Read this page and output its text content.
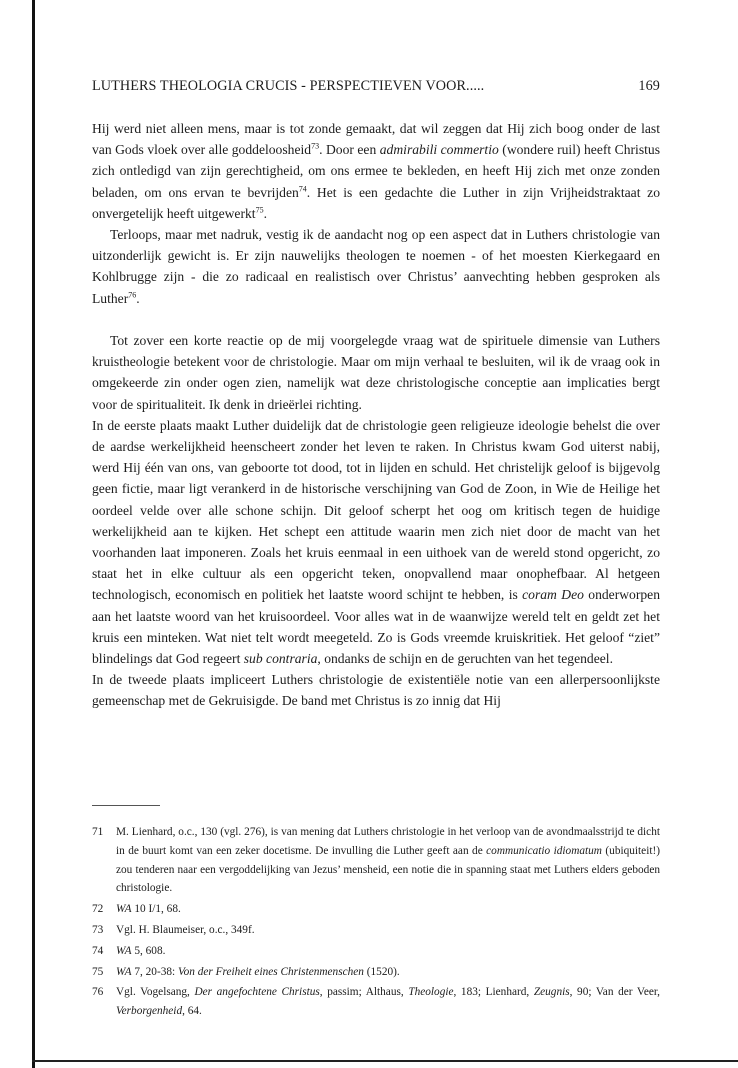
LUTHERS THEOLOGIA CRUCIS - PERSPECTIEVEN VOOR.....	169

Hij werd niet alleen mens, maar is tot zonde gemaakt, dat wil zeggen dat Hij zich boog onder de last van Gods vloek over alle goddeloosheid$^{73}$. Door een admirabili commertio (wondere ruil) heeft Christus zich ontledigd van zijn gerechtigheid, om ons ermee te bekleden, en heeft Hij zich met onze zonden beladen, om ons ervan te bevrijden$^{74}$. Het is een gedachte die Luther in zijn Vrijheidstraktaat zo onvergetelijk heeft uitgewerkt$^{75}$.

Terloops, maar met nadruk, vestig ik de aandacht nog op een aspect dat in Luthers christologie van uitzonderlijk gewicht is. Er zijn nauwelijks theologen te noemen - of het moesten Kierkegaard en Kohlbrugge zijn - die zo radicaal en realistisch over Christus’ aanvechting hebben gesproken als Luther$^{76}$.

Tot zover een korte reactie op de mij voorgelegde vraag wat de spirituele dimensie van Luthers kruistheologie betekent voor de christologie. Maar om mijn verhaal te besluiten, wil ik de vraag ook in omgekeerde zin onder ogen zien, namelijk wat deze christologische conceptie aan implicaties bergt voor de spiritualiteit. Ik denk in drieërlei richting.

In de eerste plaats maakt Luther duidelijk dat de christologie geen religieuze ideologie behelst die over de aardse werkelijkheid heenscheert zonder het leven te raken. In Christus kwam God uiterst nabij, werd Hij één van ons, van geboorte tot dood, tot in lijden en schuld. Het christelijk geloof is bijgevolg geen fictie, maar ligt verankerd in de historische verschijning van God de Zoon, in Wie de Heilige het oordeel velde over alle schone schijn. Dit geloof scherpt het oog om kritisch tegen de huidige werkelijkheid aan te kijken. Het schept een attitude waarin men zich niet door de macht van het voorhanden laat imponeren. Zoals het kruis eenmaal in een uithoek van de wereld stond opgericht, zo staat het in elke cultuur als een opgericht teken, onopvallend maar onophefbaar. Al hetgeen technologisch, economisch en politiek het laatste woord schijnt te hebben, is coram Deo onderworpen aan het laatste woord van het kruisoordeel. Voor alles wat in de waanwijze wereld telt en geldt zet het kruis een minteken. Wat niet telt wordt meegeteld. Zo is Gods vreemde kruiskritiek. Het geloof “ziet” blindelings dat God regeert sub contraria, ondanks de schijn en de geruchten van het tegendeel.

In de tweede plaats impliceert Luthers christologie de existentiële notie van een allerpersoonlijkste gemeenschap met de Gekruisigde. De band met Christus is zo innig dat Hij

71 M. Lienhard, o.c., 130 (vgl. 276), is van mening dat Luthers christologie in het verloop van de avondmaalsstrijd te dicht in de buurt komt van een zeker docetisme. De invulling die Luther geeft aan de communicatio idiomatum (ubiquiteit!) zou tenderen naar een vergoddelijking van Jezus’ mensheid, een notie die in spanning staat met Luthers elders geboden christologie.
72 WA 10 I/1, 68.
73 Vgl. H. Blaumeiser, o.c., 349f.
74 WA 5, 608.
75 WA 7, 20-38: Von der Freiheit eines Christenmenschen (1520).
76 Vgl. Vogelsang, Der angefochtene Christus, passim; Althaus, Theologie, 183; Lienhard, Zeugnis, 90; Van der Veer, Verborgenheid, 64.
